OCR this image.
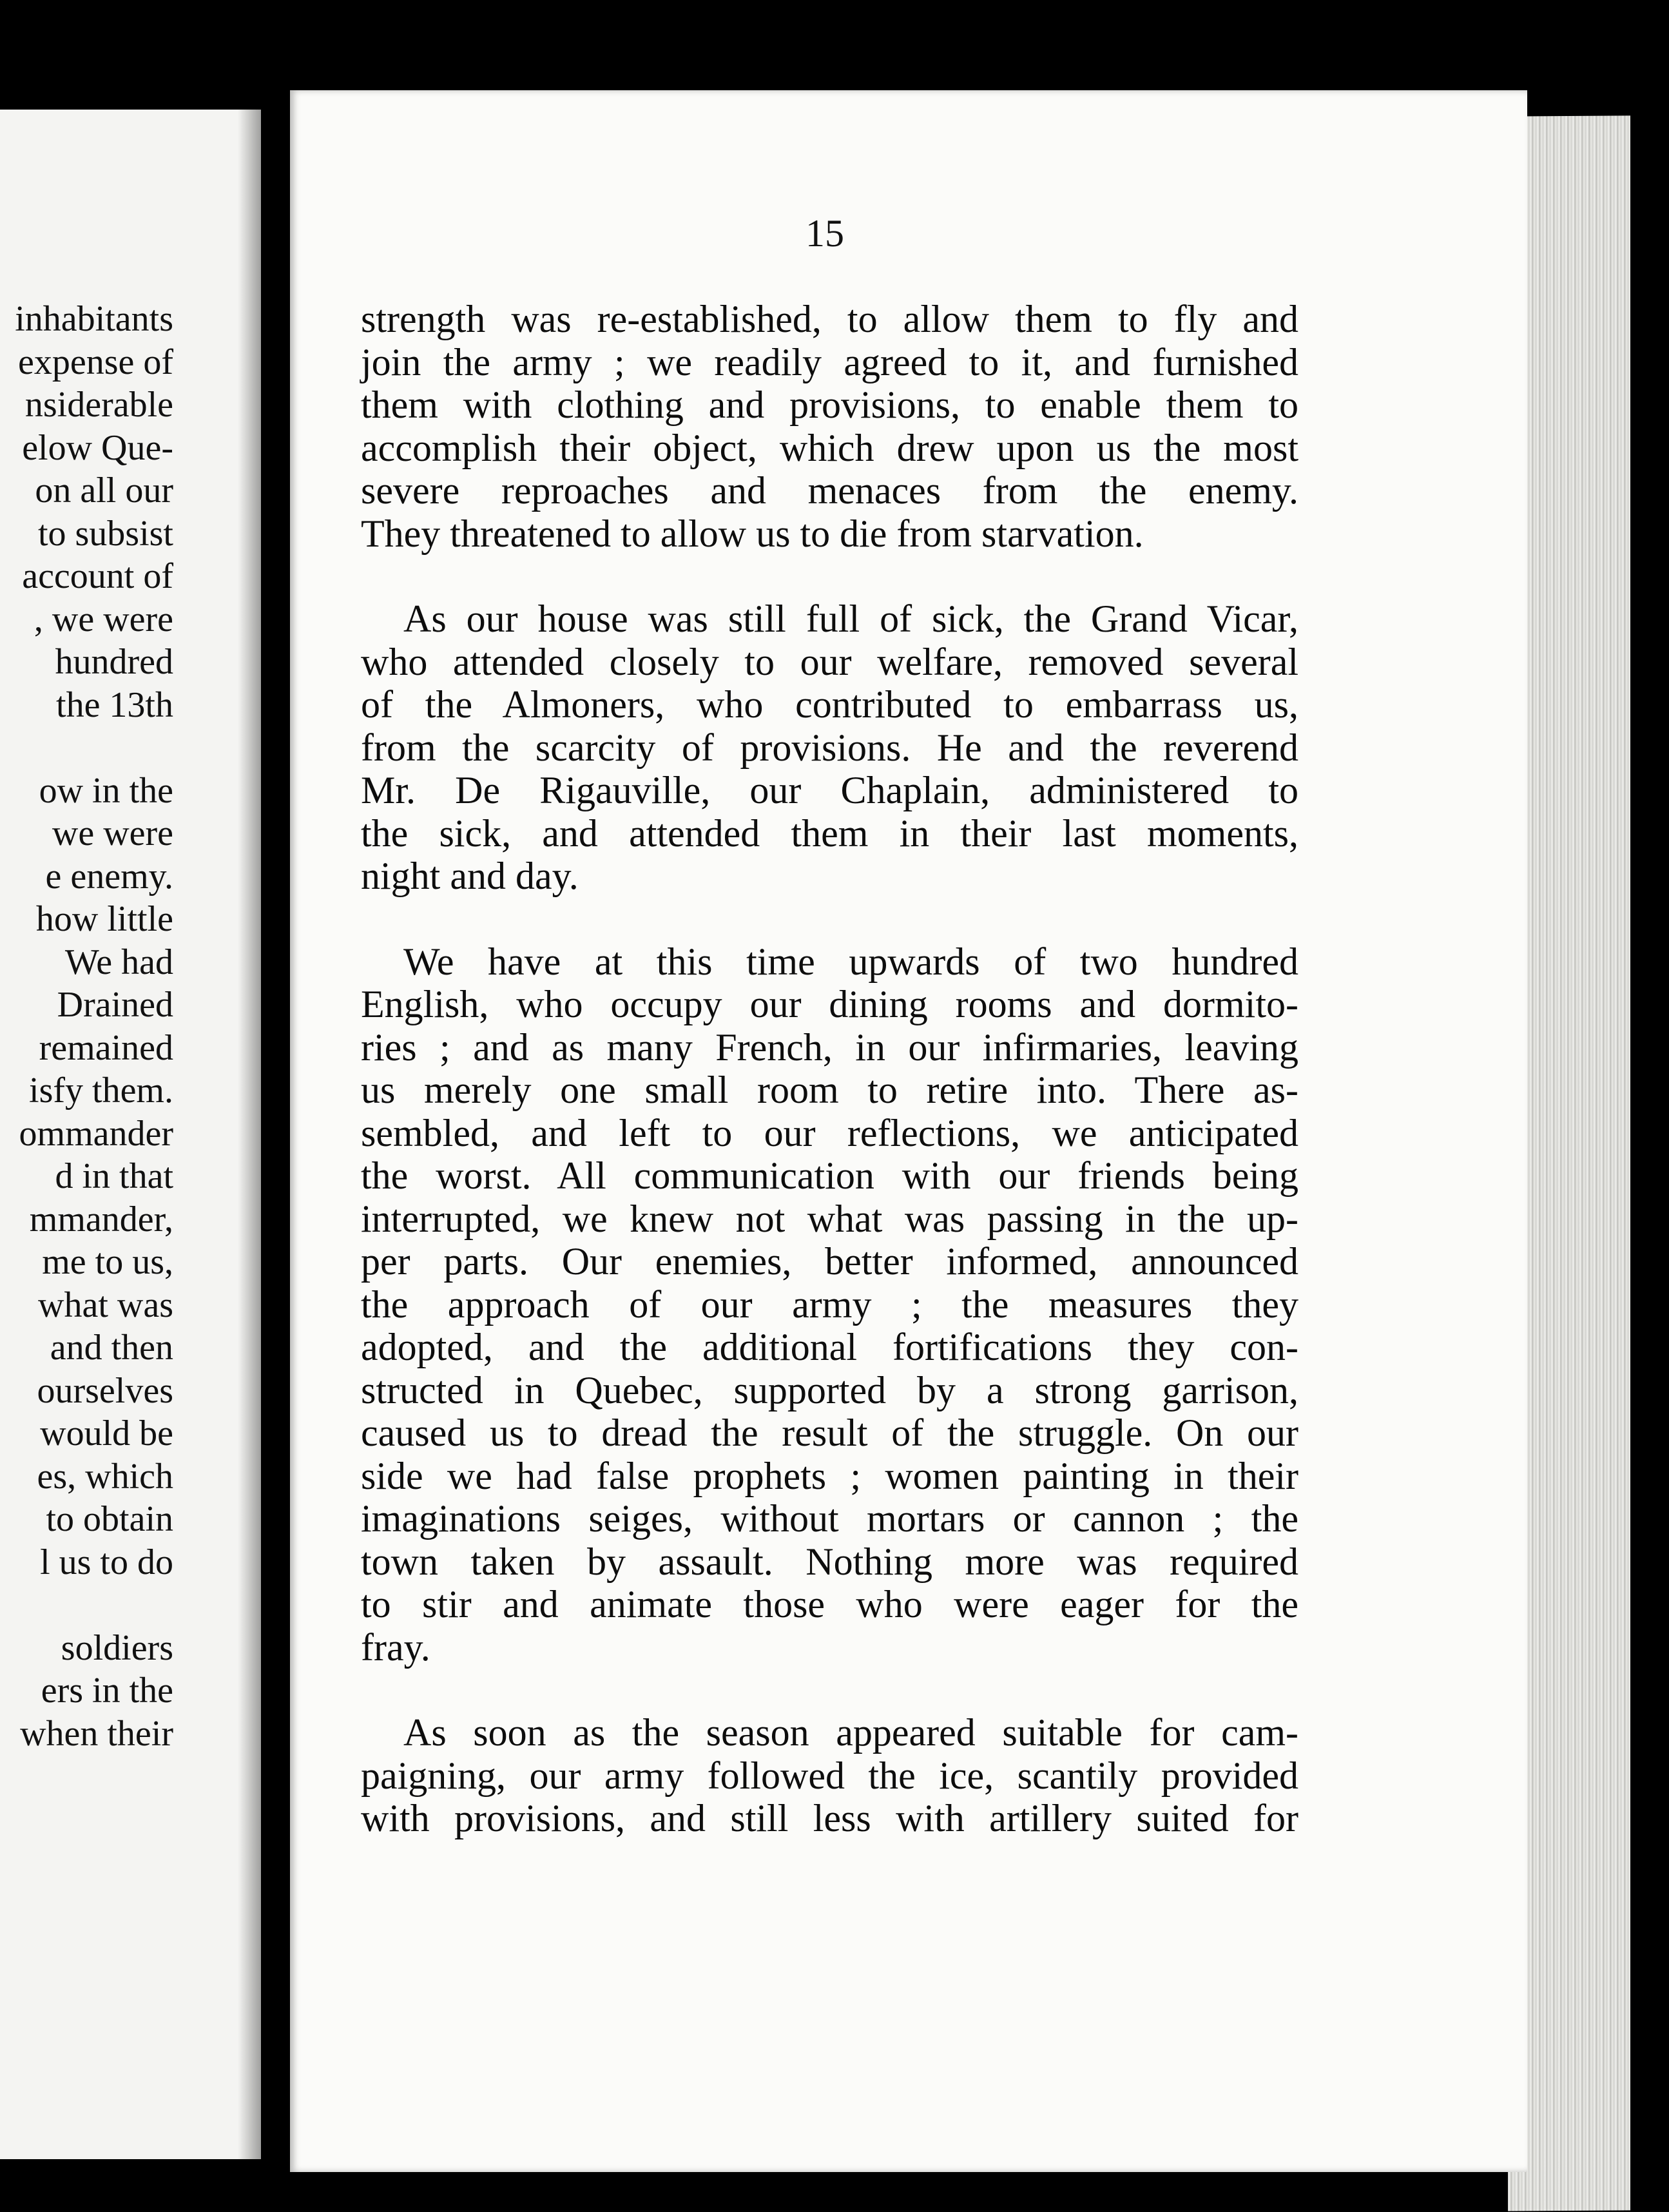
inhabitants
expense of
nsiderable
elow Que-
on all our
to subsist
account of
, we were
hundred
the 13th
ow in the
we were
e enemy.
how little
We had
Drained
remained
isfy them.
ommander
d in that
mmander,
me to us,
what was
and then
ourselves
would be
es, which
to obtain
l us to do
soldiers
ers in the
when their
15
strength was re-established, to allow them to fly and
join the army ; we readily agreed to it, and furnished
them with clothing and provisions, to enable them to
accomplish their object, which drew upon us the most
severe reproaches and menaces from the enemy.
They threatened to allow us to die from starvation.
As our house was still full of sick, the Grand Vicar,
who attended closely to our welfare, removed several
of the Almoners, who contributed to embarrass us,
from the scarcity of provisions. He and the reverend
Mr. De Rigauville, our Chaplain, administered to
the sick, and attended them in their last moments,
night and day.
We have at this time upwards of two hundred
English, who occupy our dining rooms and dormito-
ries ; and as many French, in our infirmaries, leaving
us merely one small room to retire into. There as-
sembled, and left to our reflections, we anticipated
the worst. All communication with our friends being
interrupted, we knew not what was passing in the up-
per parts. Our enemies, better informed, announced
the approach of our army ; the measures they
adopted, and the additional fortifications they con-
structed in Quebec, supported by a strong garrison,
caused us to dread the result of the struggle. On our
side we had false prophets ; women painting in their
imaginations seiges, without mortars or cannon ; the
town taken by assault. Nothing more was required
to stir and animate those who were eager for the
fray.
As soon as the season appeared suitable for cam-
paigning, our army followed the ice, scantily provided
with provisions, and still less with artillery suited for
